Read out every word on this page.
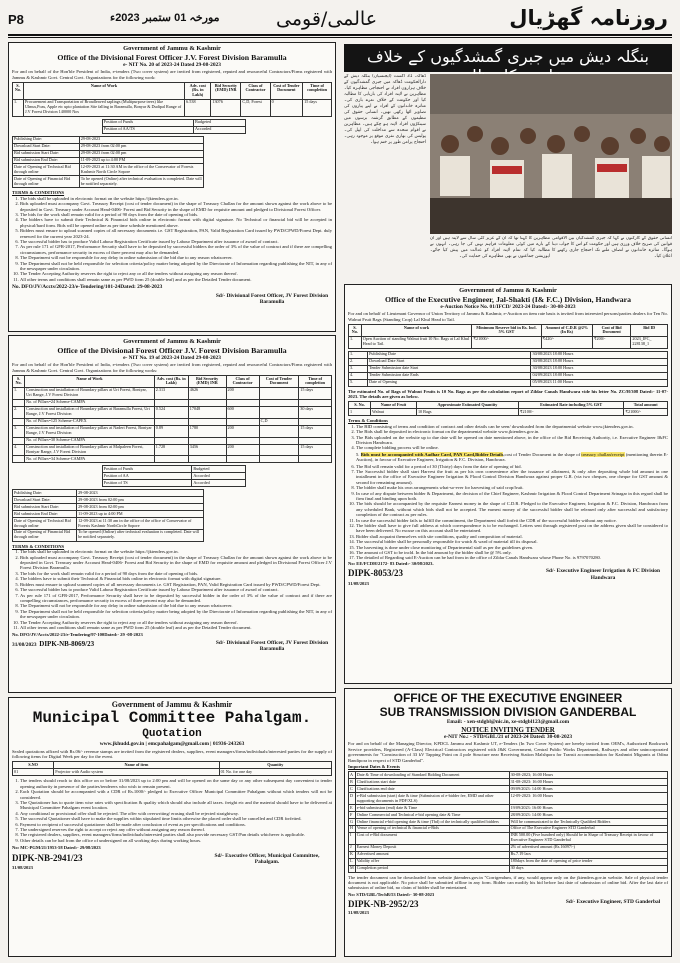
P8	مورخہ 01 ستمبر 2023ء	عالمی/قومی	روزنامہ گھڑیال
Government of Jammu & Kashmir
Office of the Divisional Forest Officer J.V. Forest Division Baramulla
e- NIT No. 20 of 2023-24 Dated 29-08-2023

For and on behalf of the Hon'ble President of India, e-tenders (Two cover system) are invited from registered, reputed and resourceful Contractors/Firms registered with Jammu & Kashmir Govt. Central Govt. Organizations for the following work:

S. No.	Name of Work	Adv. cost (Rs. in Lakh)	Bid Security (EMD) INR	Class of Contractor	Cost of Tender Document	Time of completion
1.	Procurement and Transportation of Broadleaved saplings (Multipurpose trees) like Ulmus,Poas, Apple etc upto plantation Site falling in Baramulla, Bonyar & Dudipal Range of J.V Forest Division 140000 Nos	6.538	13076	C,D, Forest	0	15 days
Position of Funds	Budgeted
Position of AA/TS	Accorded
Publishing Date:	29-08-2023
Download Start Date:	29-08-2023 from 02:00 pm
Bid submission Start Date:	29-08-2023 from 02:00 pm
Bid submission End Date:	11-09-2023 up to 4:00 PM
Date of Opening of Technical Bid through online	12-09-2023 at 11:30 AM in the office of the Conservator of Forests Kashmir North Circle Sopore
Date of Opening of Financial Bid through online	To be opened (Online) after technical evaluation is completed. Date will be notified separately.
TERMS & CONDITIONS
1. The bids shall be uploaded in electronic format on the website https://jktenders.gov.in.
2. Bids uploaded must accompany Govt. Treasury Receipt (cost of tender document) in the shape of Treasury Challan for the amount shown against the work above to be deposited in Govt. Treasury under Account Head-0406- Forest and Bid Security in the shape of EMD for requisite amount and pledged to Divisional Forest Officer.
3. The bids for the work shall remain valid for a period of 90 days from the date of opening of bids.
4. The bidders have to submit their Technical & Financial bids online in electronic format with digital signature. No Technical or financial bid will be accepted in physical/hard form. Bids will be opened online as per time schedule mentioned above.
5. Bidders must ensure to upload scanned copies of all necessary documents i.e. GST Registration, PAN, Valid Registration Card issued by PWD/CPWD/Forest Dept. duly renewed for the current year 2023-24.
6. The successful bidder has to produce Valid Labour Registration Certificate issued by Labour Department after issuance of award of contract.
7. As per rule 171 of GFR-2017, Performance Security shall have to be deposited by successful bidders the order of 3% of the value of contract and if there are compelling circumstances, performance security in excess of three percent may also be demanded.
8. The Department will not be responsible for any delay in online submission of the bid due to any reason whatsoever.
9. The Department shall not be held responsible for selection criteria/policy matter being adopted by the Directorate of Information regarding publishing the NIT, in any of the newspaper under circulation.
10. The Tender Accepting Authority reserves the right to reject any or all the tenders without assigning any reason thereof.
11. All other terms and conditions shall remain same as per PWD form 25 (double leaf) and as per the Detailed Tender document.
No. DFO/JV/Accts/2022-23/e-Tendering/101-24Dated: 29-08-2023
Sd/- Divisional Forest Officer, JV Forest Division Baramulla
Government of Jammu & Kashmir
Office of the Divisional Forest Officer J.V. Forest Division Baramulla
e- NIT No. 19 of 2023-24 Dated 29-08-2023

For and on behalf of the Hon'ble President of India, e-tenders (Two cover system) are invited from registered, reputed and resourceful Contractors/Firms registered with Jammu & Kashmir Govt. Central Govt. Organizations for the following works:

S. No.	Name of Work	Adv. cost (Rs. in Lakh)	Bid Security (EMD) INR	Class of Contractor	Cost of Tender Document	Time of completion
1.	Construction and installation of Boundary pillars at Uri Forest, Boniyar, Uri Range, J.V Forest Division	2.313	4626	200		15 days
	No. of Pillars=24 Scheme-CAMPA					
2.	Construction and installation of Boundary pillars at Baramulla Forest, Uri Range, J.V Forest Division	0.524	17048	600		30 days
	No. of Pillars=125 Scheme-CAPEX				C,D	
3.	Construction and installation of Boundary pillars at Naderi Forest, Boniyar Range, J.V Forest Division	0.89	1780	200		15 days
	No. of Pillars=30 Scheme-CAMPA					
4.	Construction and installation of Boundary pillars at Malpaleen Forest, Boniyar Range, J.V Forest Division	1.728	3456	200		15 days
	No. of Pillars=34 Scheme-CAMPA					
Position of Funds	Budgeted
Position of AA	Accorded
Position of TS	Accorded
Publishing Date:	29-08-2023
Download Start Date:	29-08-2023 from 02:00 pm
Bid submission Start Date:	29-08-2023 from 02:00 pm
Bid submission End Date:	11-09-2023 up to 4:00 PM
Date of Opening of Technical Bid through online	12-09-2023 at 11:30 am in the office of the office of Conservator of Forests Kashmir NorthCircle Sopore
Date of Opening of Financial Bid through online	To be opened (Online) after technical evaluation is completed. Date will be notified separately.
TERMS & CONDITIONS
1. The bids shall be uploaded in electronic format on the website https://jktenders.gov.in.
2. Bids uploaded must accompany Govt. Treasury Receipt (cost of tender document) in the shape of Treasury Challan for the amount shown against the work above to be deposited in Govt. Treasury under Account Head-0406- Forest and Bid Security in the shape of EMD for requisite amount and pledged in Divisional Forest Officer J.V Forest Division Baramulla.
3. The bids for the work shall remain valid for a period of 90 days from the date of opening of bids.
4. The bidders have to submit their Technical & Financial bids online in electronic format with digital signature.
5. Bidders must ensure to upload scanned copies of all necessary documents i.e. GST Registration, PAN, Valid Registration Card issued by PWD/CPWD/Forest Dept.
6. The successful bidder has to produce Valid Labour Registration Certificate issued by Labour Department after issuance of award of contract.
7. As per rule 171 of GFR-2017, Performance Security shall have to be deposited by successful bidder in the order of 3% of the value of contract and if there are compelling circumstances, performance security in excess of three percent may also be demanded.
8. The Department will not be responsible for any delay in online submission of the bid due to any reason whatsoever.
9. The Department shall not be held responsible for selection criteria/policy matter being adopted by the Directorate of Information regarding publishing the NIT, in any of the newspaper under circulation.
10. The Tender Accepting Authority reserves the right to reject any or all the tenders without assigning any reason thereof.
11. All other terms and conditions shall remain same as per PWD form 25 (double leaf) and as per the Detailed Tender document.
No. DFO/JV/Accts/2022-23/e-Tendering/97-100Dated:- 29 -08-2023
31/08/2023 DIPK-NB-8069/23	Sd/- Divisional Forest Officer, JV Forest Division Baramulla
Government of Jammu & Kashmir
Municipal Committee Pahalgam.
Quotation
www.jkhudd.gov.in | emcpahalgam@gmail.com | 01936-243263

Sealed quotations affixed with Rs.06/- revenue stamps are invited from the registered dealers, suppliers, event managers/firms/individuals/interested parties for the supply of following items for Digital Week per day for the event.

S.NO	Name of item	Quantity
01	Projector with Audio system	01 No. for one day
1. The tenders should reach to this office on or before 31/08/2023 up to 2:00 pm and will be opened on the same day or any other subsequent day convenient to tender opening authority in presence of the parties/tenderers who wish to remain present.
2. Each Quotation should be accompanied with a CDR of Rs.1000/- pledged to Executive Officer Municipal Committee Pahalgam without which tenders will not be considered.
3. The Quotationer has to quote item wise rates with specification & quality which should also include all taxes. freight etc and the material should have to be delivered at Municipal Committee Pahalgam event location.
4. Any conditional or provisional offer shall be rejected. The offer with overwriting/ erasing shall be rejected straightway.
5. The successful Quotationer shall have to make the supplies within stipulated time limits otherwise the placed order shall be cancelled and CDR forfeited.
6. Payment to recipient of successful quotationer shall be made after conclusion of event as per specifications and conditions.
7. The undersigned reserves the right to accept or reject any offer without assigning any reason thereof.
8. The registered dealers, suppliers, event managers/firms/individuals/interested parties shall also provide necessary GST/Pan details whichever is applicable.
9. Other details can be had from the office of undersigned on all working days during working hours.
No: MC-PGM/21/1953-58 Dated:- 29/08/2023
DIPK-NB-2941/23	Sd/- Executive Officer, Municipal Committee, Pahalgam.
31/08/2023
بنگلہ دیش میں جبری گمشدگیوں کے خلاف
ڈھاکہ، 31 اگست (ایجنسیاں) بنگلہ دیش کے دارالحکومت ڈھاکہ میں جبری گمشدگیوں کے خلاف ہزاروں افراد نے احتجاجی مظاہرہ کیا۔ مظاہرین نے لاپتہ افراد کی بازیابی کا مطالبہ کیا اور حکومت کے خلاف نعرے بازی کی۔ متاثرہ خاندانوں کے افراد نے اپنے پیاروں کی تصاویر اٹھا رکھی تھیں۔ انسانی حقوق کی تنظیموں کے مطابق گزشتہ برسوں میں سینکڑوں افراد لاپتہ ہو چکے ہیں۔ مظاہرین نے اقوام متحدہ سے مداخلت کی اپیل کی۔ پولیس کی بھاری نفری موقع پر موجود رہی۔ احتجاج پرامن طور پر ختم ہوا۔
مظاہرین کا کہنا تھا کہ ان کے عزیز کئی سال سے لاپتہ ہیں اور ان کے بارے میں کوئی معلومات فراہم نہیں کی جا رہی۔ انہوں نے مطالبہ کیا کہ تمام لاپتہ افراد کو عدالت میں پیش کیا جائے۔ اپوزیشن جماعتوں نے بھی مظاہرے کی حمایت کی۔
انسانی حقوق کے کارکنوں نے کہا کہ جبری گمشدگیاں بین الاقوامی قوانین کی صریح خلاف ورزی ہیں اور حکومت کو اس کا جواب دینا ہوگا۔ متاثرہ خاندانوں نے انصاف ملنے تک احتجاج جاری رکھنے کا اعلان کیا۔
Government of Jammu & Kashmir
Office of the Executive Engineer, Jal-Shakti (I& F.C.) Division, Handwara
e-Auction Notice No. 01/IFCD/ 2023-24 Dated:- 30-08-2023

For and on behalf of Lieutenant Governor of Union Territory of Jammu & Kashmir, e-Auction on item rate basis is invited from interested persons/parties dealers for Ten No. Walnut Fruit Bags (Standing Crop) Lal Khul Head to Tail.

S. No.	Name of work	Minimum Reserve bid in Rs. Incl. 5% GST	Amount of C.D.R @2% (In Rs)	Cost of Bid Document	Bid ID
1.	Open Auction of standing Walnut fruit 10 No. Bags at Lal Khul Head to Tail.	₹21000/-	₹420/-	₹200/-	2023_IFC_ 228138_1
1.	Publishing Date	30/08/2023 18:00 Hours
2.	Download Date Start	30/08/2023 18:00 Hours
3.	Tender Submission date Start	30/08/2023 18:00 Hours
4.	Tender Submission date Ends	04/09/2023 18:00 Hours
5.	Date of Opening	05/09/2023 11:00 Hours

The estimated No. of Bags of Walnut Fruits is 10 No. Bags as per the calculation report of Zildar Canals Handwara vide his letter No. ZC/H/308 Dated:- 11-07-2023. The details are given as below.

S. No.	Name of Fruit	Approximate Estimated Quantity	Estimated Rate including 5% GST	Total amount
1	Walnut	10 Bags	₹2100/-	₹21000/-
Terms & Conditions
1. The BID consisting of terms and condition of contract and other details can be seen/ downloaded from the departmental website www.jktenders.gov.in.
2. The Bids shall be deposited in electronic format on the departmental website www.jktenders.gov.in.
3. The Bids uploaded on the website up to due date will be opened on date mentioned above, in the office of the Bid Receiving Authority, i.e. Executive Engineer I&FC Division Handwara.
4. The complete bidding process will be online.

5. Bids must be accompanied with Aadhar Card, PAN Card,Bidder Details,cost of Tender Document in the shape of treasury challan/receipt (mentioning therein E-Auction), in favour of Executive Engineer, Irrigation & F.C. Division, Handwara.

6. The Bid will remain valid for a period of 30 (Thirty) days from the date of opening of bid.
7. The Successful bidder shall start Harvest the fruit as per his own convenience after the issuance of allotment, & only after depositing whole bid amount in one installment in the office of Executive Engineer Irrigation & Flood Control Division Handwara against proper G.R. (via two cheques, one cheque for GST amount & second for remaining amount).
8. The bidder shall make his own arrangements what-so-ever for harvesting of said crop/fruit.
9. In case of any dispute between bidder & Department, the decision of the Chief Engineer, Kashmir Irrigation & Flood Control Department Srinagar in this regard shall be firm final and binding upon both.
10. The bids should be accompanied by the requisite Earnest money in the shape of C.D.R. Pledged to the Executive Engineer, Irrigation & F.C. Division, Handwara from any scheduled Bank, without which bids shall not be accepted. The earnest money of the successful bidder shall be released only after successful and satisfactory completion of the contract as per rules.
11. In case the successful bidder fails to fulfill the commitment, the Department shall forfeit the CDR of the successful bidder without any notice.
12. The bidder shall have to give full address at which correspondence is to be exchanged. Letters sent through registered post on the address given shall be considered to have been delivered. No excuse on this account shall be entertained.
13. Bidder shall acquaint themselves with site conditions, quality and composition of material.
14. The successful bidder shall be personally responsible for watch & ward of material till its disposal.
15. The harvesting is done under close monitoring of Departmental staff as per the guidelines given.
16. The amount of GST to be incld. In the bid amount by the bidder shall be @ 5% only.
17. The detailed of Regarding said E-Auction can be had from in the office of Zildar Canals Handwara whose Phone No. is 9797070280.
No: EE/FCDH/2172- 83 Dated:- 30/08/2023.
DIPK-8053/23	Sd/- Executive Engineer Irrigation & FC Division Handwara
31/08/2023
OFFICE OF THE EXECUTIVE ENGINEER
SUB TRANSMISSION DIVISION GANDERBAL
Email: - xen-stdgbl@nic.in, xe-stdgbl123@gmail.com
NOTICE INVITING TENDER
e-NIT No.: - STD/GBL/21 of 2023-24 Dated: 30-08-2023

For and on behalf of the Managing Director, KPDCL Jammu and Kashmir UT, e-Tenders (In Two Cover System) are hereby invited from OEM's, Authorized Bookwork Service providers, Registered (A-Class) Electrical Contractors registered with J&K Government, Central Public Works Department, Railways and other unincorporated governments for "Construction of 33 kV Tapping Point on 4 pole Structure near Receiving Station Malshpora for Transit accommodation for Kashmiri Migrants at Odina Bandipora in respect of STD Ganderbal".

Important Dates & Events
A	Date & Time of downloading of Standard Bidding Document	30-08-2023; 16:00 Hours
B	Clarifications start date	31-08-2023: 16:00 Hours
C	Clarifications end date	09/09/2023: 14:00 Hours
D	e-Bid submission (start) date & time (Submission of e-bidder fee, EMD and other supporting documents in PDF/XLS)	12-09-2023: 16:00 Hours
E	e-bid submission (end) date & Time	19/09/2023: 16:00 Hours
F	Online Commercial and Technical e-bid opening date & Time	28/09/2023: 14:00 Hours
G	Online financial e-bid opening date & time (Tbd) of the technically qualified bidders	Will be communicated to the Technically Qualified Bidders
H	Venue of opening of technical & financial e-Bids	Office of The Executive Engineer STD Ganderbal
I	Cost of e-Bid document	INR 500.00 (Five hundred only) Should be in Shape of Treasury Receipt in favour of Executive Engineer STD Ganderbal
J	Earnest Money Deposit	2% of advertised amount (Rs.16097/-)
K	Advertised amount	Rs.7.19 lacs
L	Validity offer	180days from the date of opening of price tender
M	Completion period	30 days

The tender document can be downloaded from website jktenders.gov.in "Corrigendum, if any, would appear only on the jktenders.gov.in website. Sale of physical tender document is not applicable. No price shall be submitted offline in any form. Bidder can modify his bid before last date of submission of online bid. After the last date of submission of online bid, no claim of bidder shall be entertained.

No: STD/GBL/TechB/53 Dated:- 30-08-2023
DIPK-NB-2952/23	Sd/- Executive Engineer, STD Ganderbal
31/08/2023
